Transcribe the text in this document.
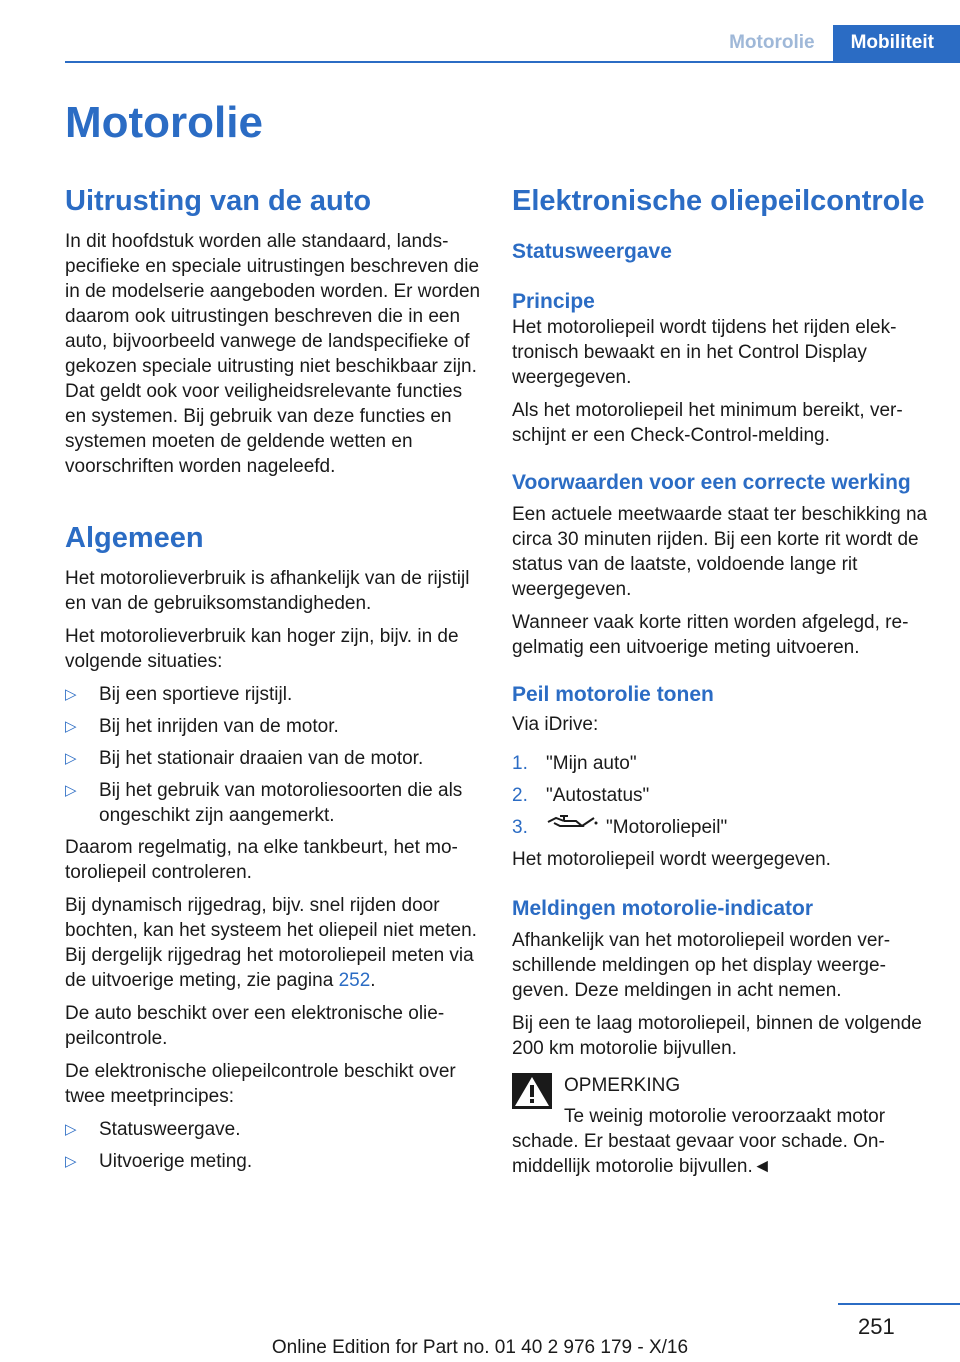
Motorolie	Mobiliteit
Motorolie
Uitrusting van de auto

In dit hoofdstuk worden alle standaard, landspecifieke en speciale uitrustingen beschreven die in de modelserie aangeboden worden. Er worden daarom ook uitrustingen beschreven die in een auto, bijvoorbeeld vanwege de landspecifieke of gekozen speciale uitrusting niet beschikbaar zijn. Dat geldt ook voor veiligheidsrelevante functies en systemen. Bij gebruik van deze functies en systemen moeten de geldende wetten en voorschriften worden nageleefd.

Algemeen

Het motorolieverbruik is afhankelijk van de rijstijl en van de gebruiksomstandigheden.

Het motorolieverbruik kan hoger zijn, bijv. in de volgende situaties:

▷ Bij een sportieve rijstijl.
▷ Bij het inrijden van de motor.
▷ Bij het stationair draaien van de motor.
▷ Bij het gebruik van motoroliesoorten die als ongeschikt zijn aangemerkt.

Daarom regelmatig, na elke tankbeurt, het motoroliepeil controleren.

Bij dynamisch rijgedrag, bijv. snel rijden door bochten, kan het systeem het oliepeil niet meten. Bij dergelijk rijgedrag het motoroliepeil meten via de uitvoerige meting, zie pagina 252.

De auto beschikt over een elektronische oliepeilcontrole.

De elektronische oliepeilcontrole beschikt over twee meetprincipes:

▷ Statusweergave.
▷ Uitvoerige meting.
Elektronische oliepeilcontrole
Statusweergave
Principe

Het motoroliepeil wordt tijdens het rijden elektronisch bewaakt en in het Control Display weergegeven.

Als het motoroliepeil het minimum bereikt, verschijnt er een Check-Control-melding.

Voorwaarden voor een correcte werking

Een actuele meetwaarde staat ter beschikking na circa 30 minuten rijden. Bij een korte rit wordt de status van de laatste, voldoende lange rit weergegeven.

Wanneer vaak korte ritten worden afgelegd, regelmatig een uitvoerige meting uitvoeren.

Peil motorolie tonen

Via iDrive:

1. "Mijn auto"
2. "Autostatus"
3.	"Motoroliepeil"

Het motoroliepeil wordt weergegeven.

Meldingen motorolie-indicator

Afhankelijk van het motoroliepeil worden verschillende meldingen op het display weergegeven. Deze meldingen in acht nemen.

Bij een te laag motoroliepeil, binnen de volgende 200 km motorolie bijvullen.

OPMERKING

Te weinig motorolie veroorzaakt motor

schade. Er bestaat gevaar voor schade. Onmiddellijk motorolie bijvullen.◄

251
Online Edition for Part no. 01 40 2 976 179 - X/16
